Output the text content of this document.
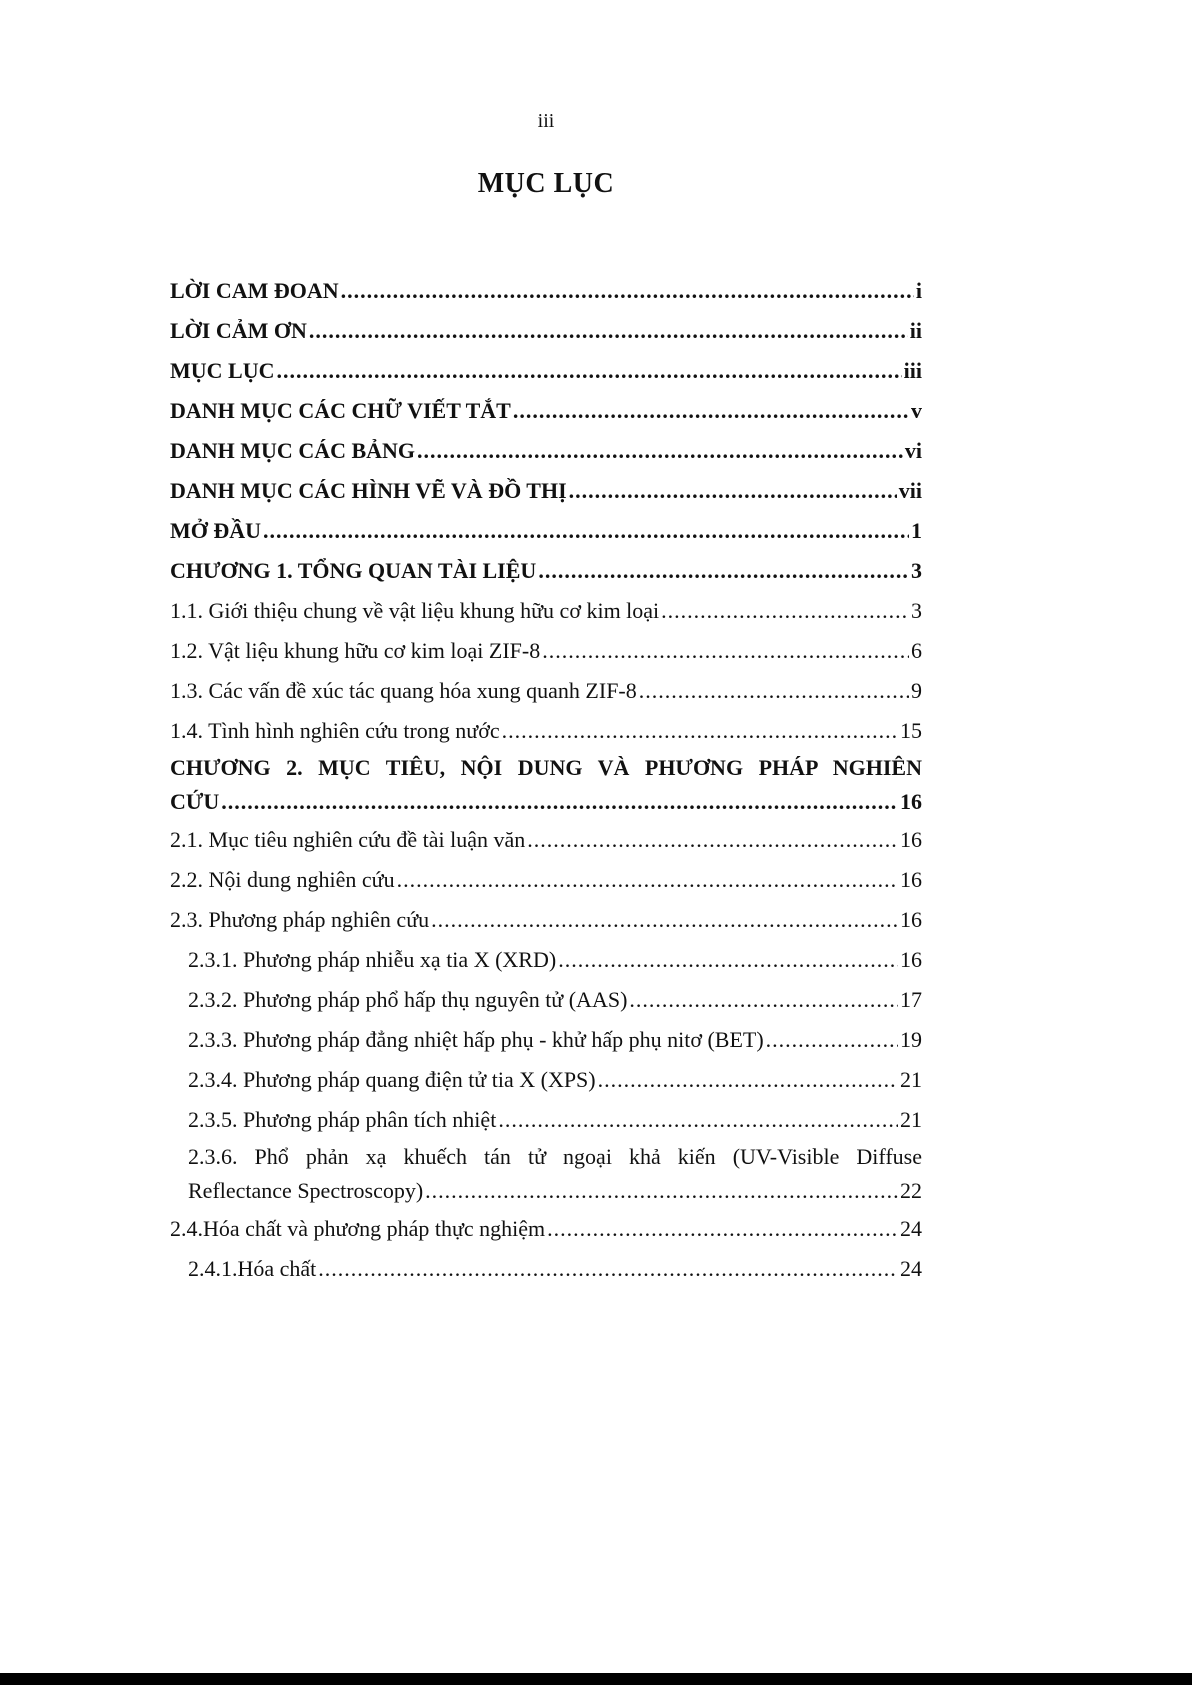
iii
MỤC LỤC
LỜI CAM ĐOAN .....	i
LỜI CẢM ƠN .....	ii
MỤC LỤC .....	iii
DANH MỤC CÁC CHỮ VIẾT TẮT .....	v
DANH MỤC CÁC BẢNG .....	vi
DANH MỤC CÁC HÌNH VẼ VÀ ĐỒ THỊ .....	vii
MỞ ĐẦU .....	1
CHƯƠNG 1. TỔNG QUAN TÀI LIỆU .....	3
1.1. Giới thiệu chung về vật liệu khung hữu cơ kim loại .....	3
1.2. Vật liệu khung hữu cơ kim loại ZIF-8 .....	6
1.3. Các vấn đề xúc tác quang hóa xung quanh ZIF-8 .....	9
1.4. Tình hình nghiên cứu trong nước .....	15
CHƯƠNG 2. MỤC TIÊU, NỘI DUNG VÀ PHƯƠNG PHÁP NGHIÊN
CỨU .....	16
2.1. Mục tiêu nghiên cứu đề tài luận văn .....	16
2.2. Nội dung nghiên cứu .....	16
2.3. Phương pháp nghiên cứu .....	16
2.3.1. Phương pháp nhiễu xạ tia X (XRD) .....	16
2.3.2. Phương pháp phổ hấp thụ nguyên tử (AAS) .....	17
2.3.3. Phương pháp đẳng nhiệt hấp phụ - khử hấp phụ nitơ (BET) .....	19
2.3.4. Phương pháp quang điện tử tia X (XPS) .....	21
2.3.5. Phương pháp phân tích nhiệt .....	21
2.3.6. Phổ phản xạ khuếch tán tử ngoại khả kiến (UV-Visible Diffuse
Reflectance Spectroscopy) .....	22
2.4.Hóa chất và phương pháp thực nghiệm .....	24
2.4.1.Hóa chất .....	24
